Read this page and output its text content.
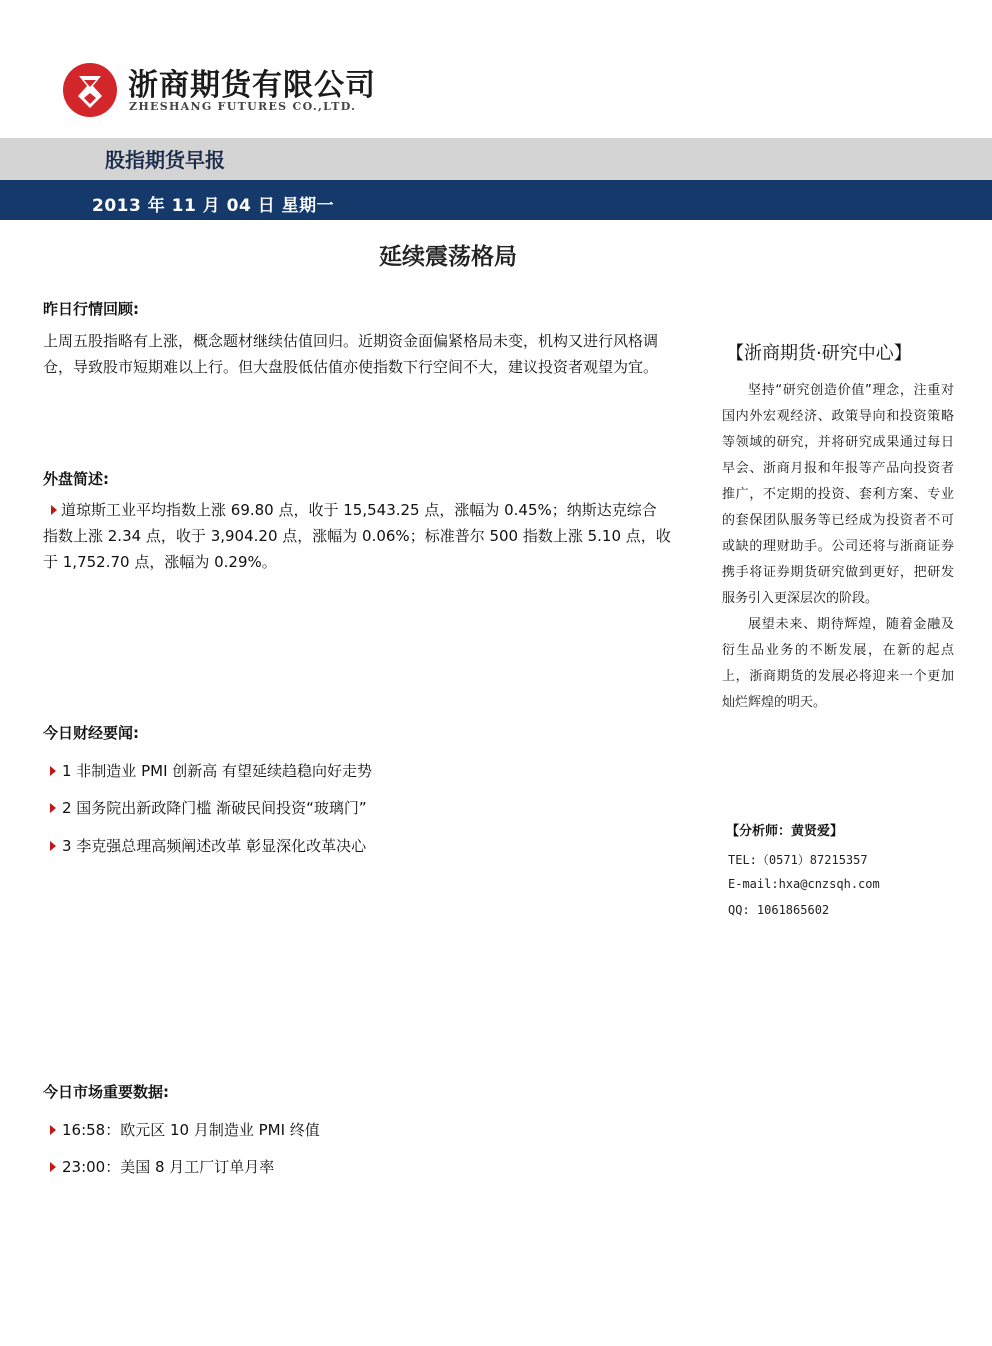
浙商期货有限公司
ZHESHANG FUTURES CO.,LTD.
股指期货早报
2013 年 11 月 04 日 星期一
延续震荡格局
昨日行情回顾:
上周五股指略有上涨，概念题材继续估值回归。近期资金面偏紧格局未变，机构又进行风格调仓，导致股市短期难以上行。但大盘股低估值亦使指数下行空间不大，建议投资者观望为宜。
外盘简述:
道琼斯工业平均指数上涨 69.80 点，收于 15,543.25 点，涨幅为 0.45%；纳斯达克综合指数上涨 2.34 点，收于 3,904.20 点，涨幅为 0.06%；标准普尔 500 指数上涨 5.10 点，收于 1,752.70 点，涨幅为 0.29%。
今日财经要闻:
1 非制造业 PMI 创新高 有望延续趋稳向好走势
2 国务院出新政降门槛 渐破民间投资“玻璃门”
3 李克强总理高频阐述改革 彰显深化改革决心
今日市场重要数据:
16:58：欧元区 10 月制造业 PMI 终值
23:00：美国 8 月工厂订单月率
【浙商期货·研究中心】

坚持“研究创造价值”理念，注重对国内外宏观经济、政策导向和投资策略等领域的研究，并将研究成果通过每日早会、浙商月报和年报等产品向投资者推广，不定期的投资、套利方案、专业的套保团队服务等已经成为投资者不可或缺的理财助手。公司还将与浙商证券携手将证券期货研究做到更好，把研发服务引入更深层次的阶段。

展望未来、期待辉煌，随着金融及衍生品业务的不断发展，在新的起点上，浙商期货的发展必将迎来一个更加灿烂辉煌的明天。

【分析师：黄贤爱】
TEL:（0571）87215357
E-mail:hxa@cnzsqh.com
QQ: 1061865602
